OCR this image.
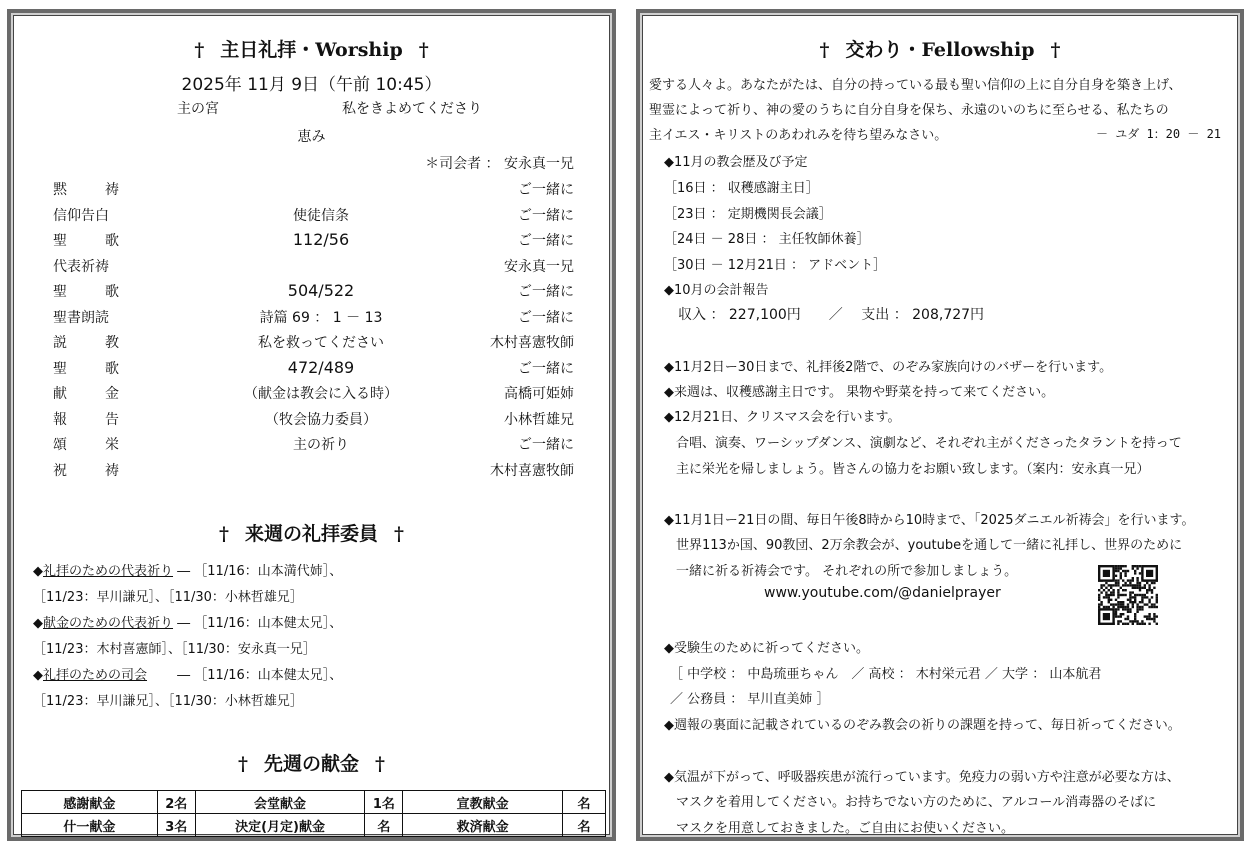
† 主日礼拝・Worship †
2025年 11月 9日（午前 10:45）
主の宮	私をきよめてくださり
恵み
＊司会者 ： 安永真一兄
黙	祷	ご一緒に
信仰告白	使徒信条	ご一緒に
聖	歌	112/56	ご一緒に
代表祈祷	安永真一兄
聖	歌	504/522	ご一緒に
聖書朗読	詩篇 69 ： 1 － 13	ご一緒に
説	教	私を救ってください	木村喜憲牧師
聖	歌	472/489	ご一緒に
献	金	（献金は教会に入る時）	高橋可姫姉
報	告	（牧会協力委員）	小林哲雄兄
頌	栄	主の祈り	ご一緒に
祝	祷	木村喜憲牧師
† 来週の礼拝委員 †
◆礼拝のための代表祈り ― ［11/16：山本満代姉］、
［11/23：早川謙兄］、［11/30：小林哲雄兄］
◆献金のための代表祈り ― ［11/16：山本健太兄］、
［11/23：木村喜憲師］、［11/30：安永真一兄］
◆礼拝のための司会　　 ― ［11/16：山本健太兄］、
［11/23：早川謙兄］、［11/30：小林哲雄兄］
† 先週の献金 †
感謝献金	2名	会堂献金	1名	宣教献金	名
什一献金	3名	決定(月定)献金	名	救済献金	名
† 交わり・Fellowship †
愛する人々よ。あなたがたは、自分の持っている最も聖い信仰の上に自分自身を築き上げ、
聖霊によって祈り、神の愛のうちに自分自身を保ち、永遠のいのちに至らせる、私たちの
主イエス・キリストのあわれみを待ち望みなさい。	－ ユダ 1：20 － 21
◆11月の教会歴及び予定
［16日 ： 収穫感謝主日］
［23日 ： 定期機関長会議］
［24日 － 28日 ： 主任牧師休養］
［30日 － 12月21日 ： アドベント］
◆10月の会計報告
収入 ： 227,100円　　／　 支出 ： 208,727円
◆11月2日ー30日まで、礼拝後2階で、のぞみ家族向けのバザーを行います。
◆来週は、収穫感謝主日です。 果物や野菜を持って来てください。
◆12月21日、クリスマス会を行います。
合唱、演奏、ワーシップダンス、演劇など、それぞれ主がくださったタラントを持って
主に栄光を帰しましょう。皆さんの協力をお願い致します。（案内：安永真一兄）
◆11月1日ー21日の間、毎日午後8時から10時まで、「2025ダニエル祈祷会」を行います。
世界113か国、90教団、2万余教会が、youtubeを通して一緒に礼拝し、世界のために
一緒に祈る祈祷会です。 それぞれの所で参加しましょう。
www.youtube.com/@danielprayer
◆受験生のために祈ってください。
［ 中学校 ： 中島琉亜ちゃん　／ 高校 ： 木村栄元君 ／ 大学 ： 山本航君
／ 公務員 ： 早川直美姉 ］
◆週報の裏面に記載されているのぞみ教会の祈りの課題を持って、毎日祈ってください。
◆気温が下がって、呼吸器疾患が流行っています。免疫力の弱い方や注意が必要な方は、
マスクを着用してください。お持ちでない方のために、アルコール消毒器のそばに
マスクを用意しておきました。ご自由にお使いください。
